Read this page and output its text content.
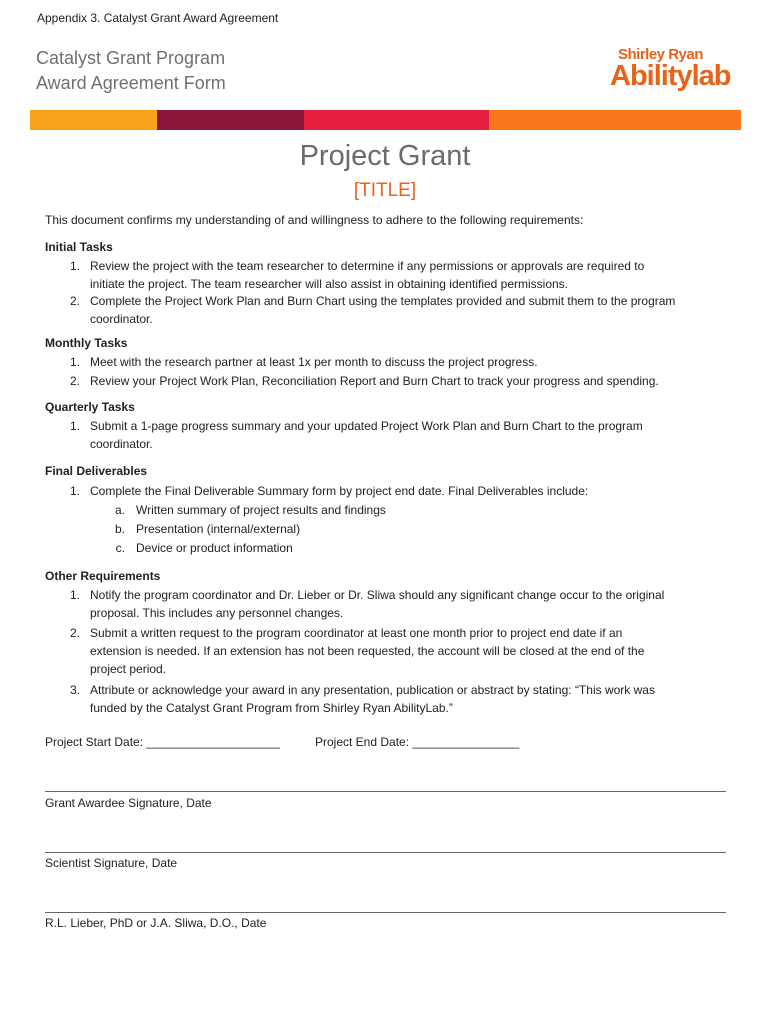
Appendix 3. Catalyst Grant Award Agreement
Catalyst Grant Program
Award Agreement Form
Shirley Ryan
Abilitylab
Project Grant
[TITLE]
This document confirms my understanding of and willingness to adhere to the following requirements:
Initial Tasks
1. Review the project with the team researcher to determine if any permissions or approvals are required to
initiate the project. The team researcher will also assist in obtaining identified permissions.
2. Complete the Project Work Plan and Burn Chart using the templates provided and submit them to the program
coordinator.
Monthly Tasks
1. Meet with the research partner at least 1x per month to discuss the project progress.
2. Review your Project Work Plan, Reconciliation Report and Burn Chart to track your progress and spending.
Quarterly Tasks
1. Submit a 1-page progress summary and your updated Project Work Plan and Burn Chart to the program
coordinator.
Final Deliverables
1. Complete the Final Deliverable Summary form by project end date. Final Deliverables include:
a. Written summary of project results and findings
b. Presentation (internal/external)
c. Device or product information
Other Requirements
1. Notify the program coordinator and Dr. Lieber or Dr. Sliwa should any significant change occur to the original
proposal. This includes any personnel changes.
2. Submit a written request to the program coordinator at least one month prior to project end date if an
extension is needed. If an extension has not been requested, the account will be closed at the end of the
project period.
3. Attribute or acknowledge your award in any presentation, publication or abstract by stating: “This work was
funded by the Catalyst Grant Program from Shirley Ryan AbilityLab.”
Project Start Date: ____________________	Project End Date: ________________
Grant Awardee Signature, Date
Scientist Signature, Date
R.L. Lieber, PhD or J.A. Sliwa, D.O., Date
